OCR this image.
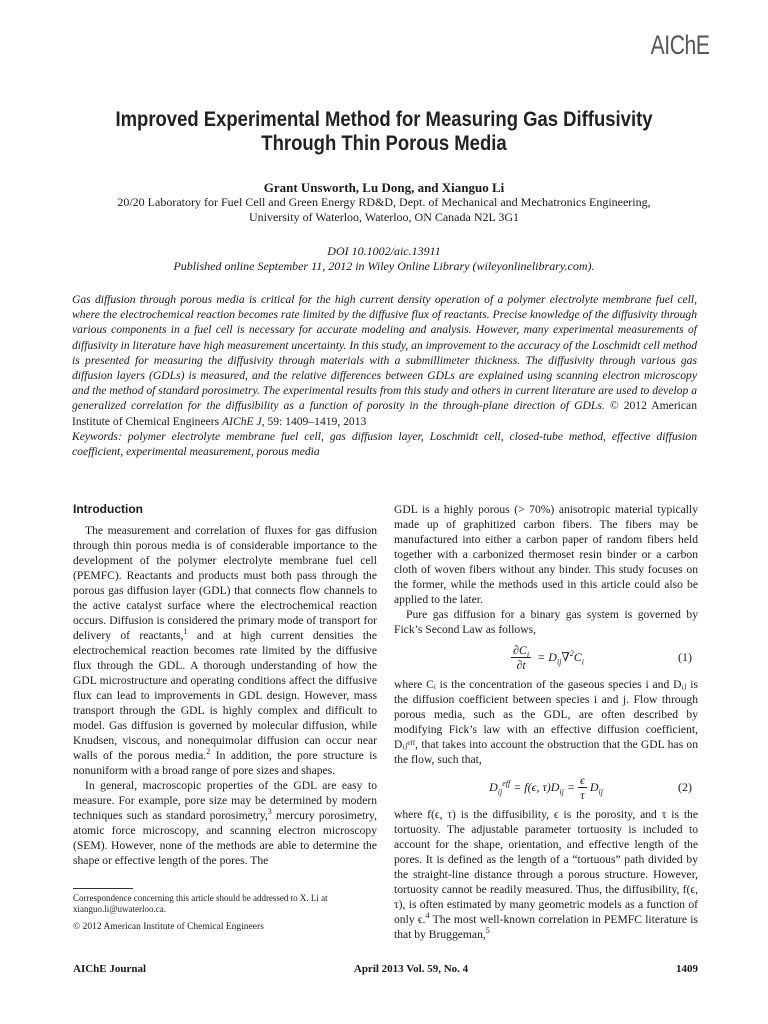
AIChE
Improved Experimental Method for Measuring Gas Diffusivity
Through Thin Porous Media
Grant Unsworth, Lu Dong, and Xianguo Li
20/20 Laboratory for Fuel Cell and Green Energy RD&D, Dept. of Mechanical and Mechatronics Engineering,
University of Waterloo, Waterloo, ON Canada N2L 3G1
DOI 10.1002/aic.13911
Published online September 11, 2012 in Wiley Online Library (wileyonlinelibrary.com).
Gas diffusion through porous media is critical for the high current density operation of a polymer electrolyte membrane fuel cell, where the electrochemical reaction becomes rate limited by the diffusive flux of reactants. Precise knowledge of the diffusivity through various components in a fuel cell is necessary for accurate modeling and analysis. However, many experimental measurements of diffusivity in literature have high measurement uncertainty. In this study, an improvement to the accuracy of the Loschmidt cell method is presented for measuring the diffusivity through materials with a submillimeter thickness. The diffusivity through various gas diffusion layers (GDLs) is measured, and the relative differences between GDLs are explained using scanning electron microscopy and the method of standard porosimetry. The experimental results from this study and others in current literature are used to develop a generalized correlation for the diffusibility as a function of porosity in the through-plane direction of GDLs. © 2012 American Institute of Chemical Engineers AIChE J, 59: 1409–1419, 2013
Keywords: polymer electrolyte membrane fuel cell, gas diffusion layer, Loschmidt cell, closed-tube method, effective diffusion coefficient, experimental measurement, porous media
Introduction

The measurement and correlation of fluxes for gas diffusion through thin porous media is of considerable importance to the development of the polymer electrolyte membrane fuel cell (PEMFC). Reactants and products must both pass through the porous gas diffusion layer (GDL) that connects flow channels to the active catalyst surface where the electrochemical reaction occurs. Diffusion is considered the primary mode of transport for delivery of reactants,$^1$ and at high current densities the electrochemical reaction becomes rate limited by the diffusive flux through the GDL. A thorough understanding of how the GDL microstructure and operating conditions affect the diffusive flux can lead to improvements in GDL design. However, mass transport through the GDL is highly complex and difficult to model. Gas diffusion is governed by molecular diffusion, while Knudsen, viscous, and nonequimolar diffusion can occur near walls of the porous media.$^2$ In addition, the pore structure is nonuniform with a broad range of pore sizes and shapes.

In general, macroscopic properties of the GDL are easy to measure. For example, pore size may be determined by modern techniques such as standard porosimetry,$^3$ mercury porosimetry, atomic force microscopy, and scanning electron microscopy (SEM). However, none of the methods are able to determine the shape or effective length of the pores. The

Correspondence concerning this article should be addressed to X. Li at xianguo.li@uwaterloo.ca.
© 2012 American Institute of Chemical Engineers

GDL is a highly porous (> 70%) anisotropic material typically made up of graphitized carbon fibers. The fibers may be manufactured into either a carbon paper of random fibers held together with a carbonized thermoset resin binder or a carbon cloth of woven fibers without any binder. This study focuses on the former, while the methods used in this article could also be applied to the later.

Pure gas diffusion for a binary gas system is governed by Fick’s Second Law as follows,

$\frac{\partial C_i}{\partial t} = D_{ij}\nabla^2C_i$	(1)

where Cᵢ is the concentration of the gaseous species i and Dᵢⱼ is the diffusion coefficient between species i and j. Flow through porous media, such as the GDL, are often described by modifying Fick’s law with an effective diffusion coefficient, Dᵢⱼᵉᶠᶠ, that takes into account the obstruction that the GDL has on the flow, such that,

$D_{ij}^{eff} = f(\epsilon$, $\tau)D_{ij} = \frac{\epsilon}{\tau} D_{ij}$	(2)

where f(ϵ, τ) is the diffusibility, ϵ is the porosity, and τ is the tortuosity. The adjustable parameter tortuosity is included to account for the shape, orientation, and effective length of the pores. It is defined as the length of a “tortuous” path divided by the straight-line distance through a porous structure. However, tortuosity cannot be readily measured. Thus, the diffusibility, f(ϵ, τ), is often estimated by many geometric models as a function of only ϵ.$^4$ The most well-known correlation in PEMFC literature is that by Bruggeman,$^5$

AIChE Journal	April 2013 Vol. 59, No. 4	1409
